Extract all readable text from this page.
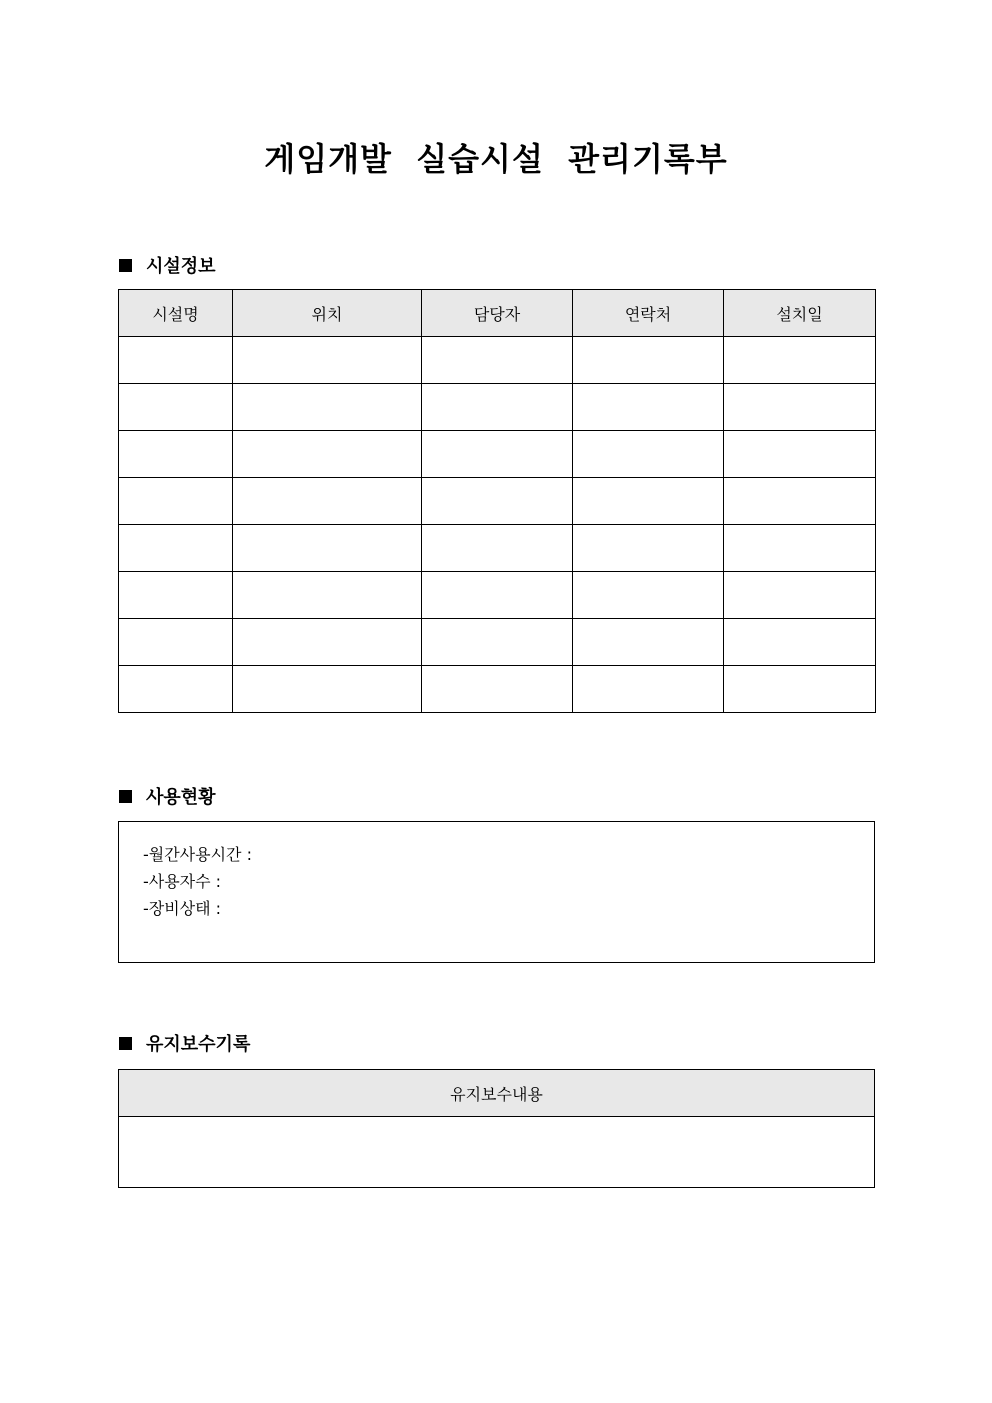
게임개발  실습시설  관리기록부
시설정보
시설명	위치	담당자	연락처	설치일

사용현황
-월간사용시간 :
-사용자수 :
-장비상태 :
유지보수기록
유지보수내용
